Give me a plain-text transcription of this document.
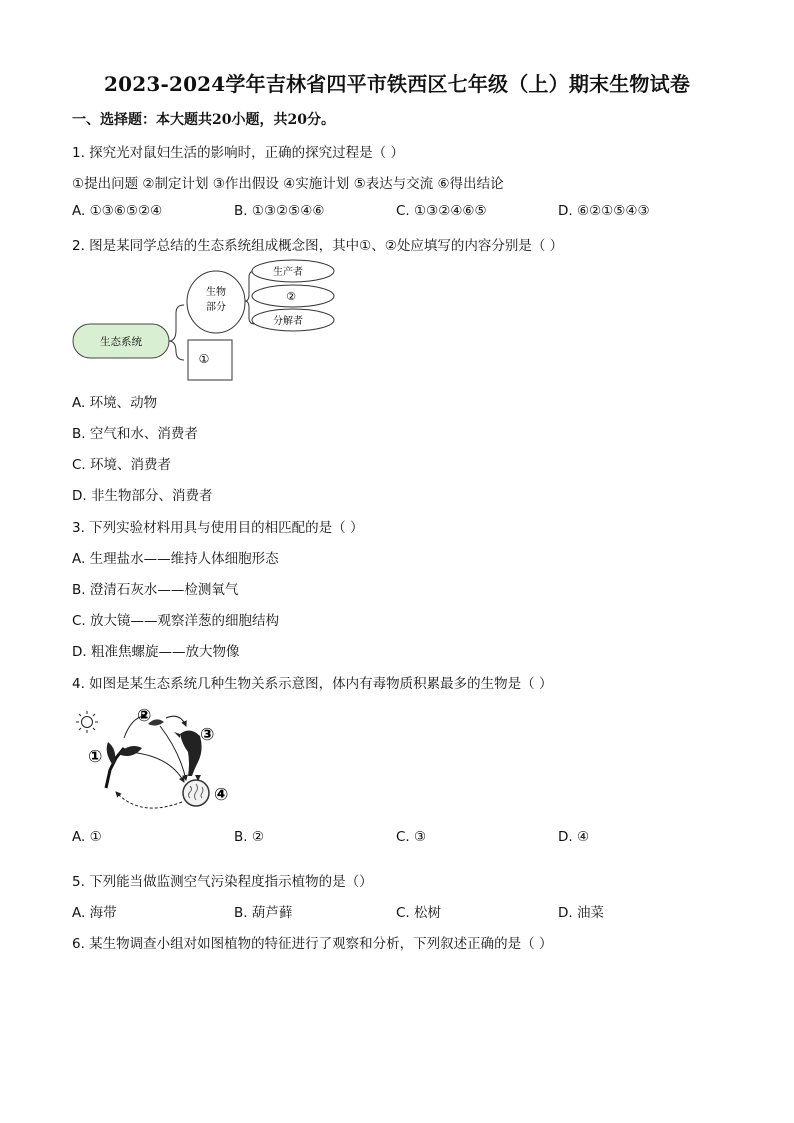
2023-2024学年吉林省四平市铁西区七年级（上）期末生物试卷
一、选择题：本大题共20小题，共20分。
1. 探究光对鼠妇生活的影响时，正确的探究过程是（ ）
①提出问题 ②制定计划 ③作出假设 ④实施计划 ⑤表达与交流 ⑥得出结论
A. ①③⑥⑤②④	B. ①③②⑤④⑥	C. ①③②④⑥⑤	D. ⑥②①⑤④③
2. 图是某同学总结的生态系统组成概念图，其中①、②处应填写的内容分别是（ ）
生态系统
生物
部分
①
生产者
②
分解者
A. 环境、动物
B. 空气和水、消费者
C. 环境、消费者
D. 非生物部分、消费者
3. 下列实验材料用具与使用目的相匹配的是（ ）
A. 生理盐水——维持人体细胞形态
B. 澄清石灰水——检测氧气
C. 放大镜——观察洋葱的细胞结构
D. 粗准焦螺旋——放大物像
4. 如图是某生态系统几种生物关系示意图，体内有毒物质积累最多的生物是（ ）
①
②
③
④
A. ①	B. ②	C. ③	D. ④
5. 下列能当做监测空气污染程度指示植物的是（）
A. 海带	B. 葫芦藓	C. 松树	D. 油菜
6. 某生物调查小组对如图植物的特征进行了观察和分析，下列叙述正确的是（ ）
